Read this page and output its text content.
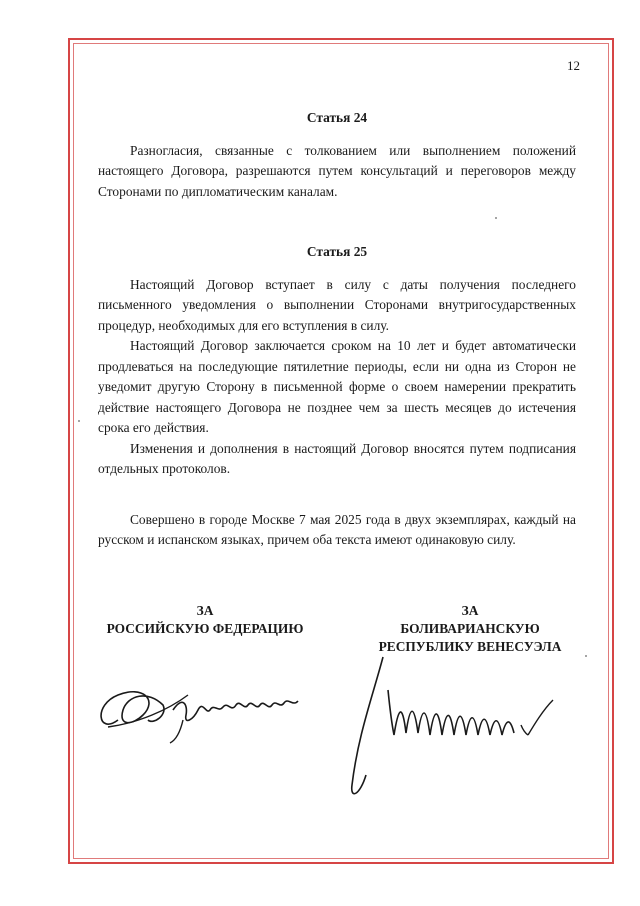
12
Статья 24

Разногласия, связанные с толкованием или выполнением положений настоящего Договора, разрешаются путем консультаций и переговоров между Сторонами по дипломатическим каналам.

Статья 25

Настоящий Договор вступает в силу с даты получения последнего письменного уведомления о выполнении Сторонами внутригосударственных процедур, необходимых для его вступления в силу.

Настоящий Договор заключается сроком на 10 лет и будет автоматически продлеваться на последующие пятилетние периоды, если ни одна из Сторон не уведомит другую Сторону в письменной форме о своем намерении прекратить действие настоящего Договора не позднее чем за шесть месяцев до истечения срока его действия.

Изменения и дополнения в настоящий Договор вносятся путем подписания отдельных протоколов.

Совершено в городе Москве 7 мая 2025 года в двух экземплярах, каждый на русском и испанском языках, причем оба текста имеют одинаковую силу.

ЗА
РОССИЙСКУЮ ФЕДЕРАЦИЮ
ЗА
БОЛИВАРИАНСКУЮ
РЕСПУБЛИКУ ВЕНЕСУЭЛА
